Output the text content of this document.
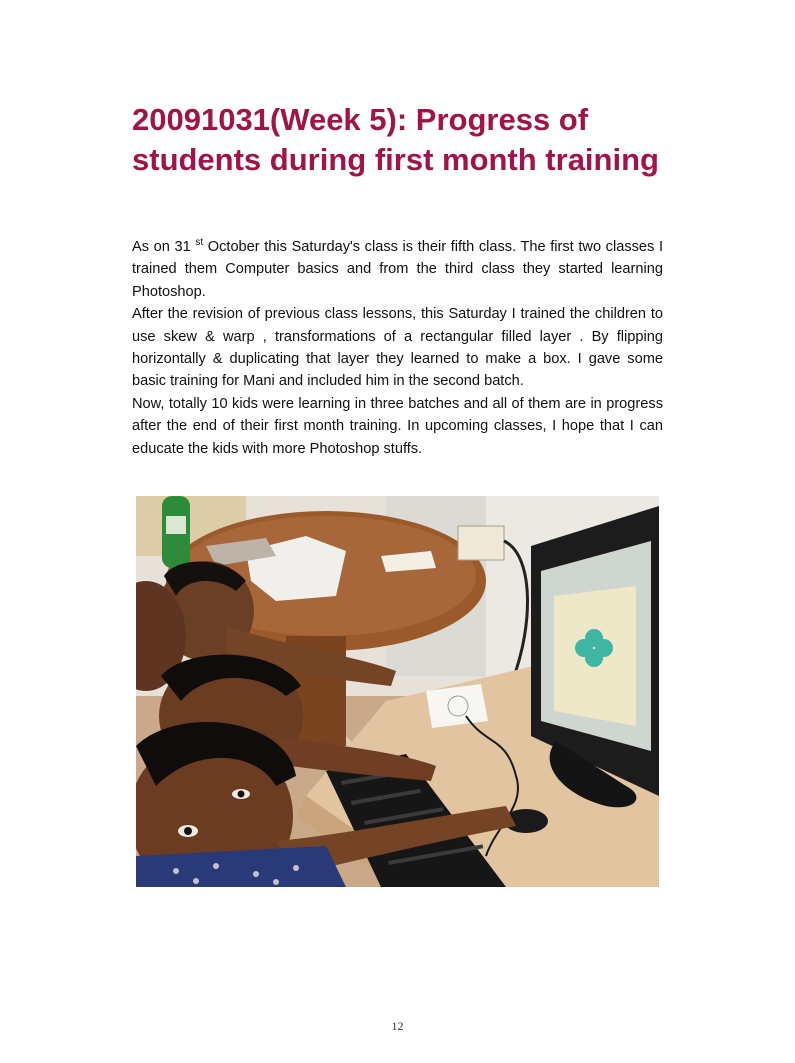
20091031(Week 5): Progress of students during first month training

As on 31 $^{st}$ October this Saturday's class is their fifth class. The first two classes I trained them Computer basics and from the third class they started learning Photoshop.

After the revision of previous class lessons, this Saturday I trained the children to use skew & warp , transformations of a rectangular filled layer . By flipping horizontally & duplicating that layer they learned to make a box. I gave some basic training for Mani and included him in the second batch.

Now, totally 10 kids were learning in three batches and all of them are in progress after the end of their first month training. In upcoming classes, I hope that I can educate the kids with more Photoshop stuffs.

12
